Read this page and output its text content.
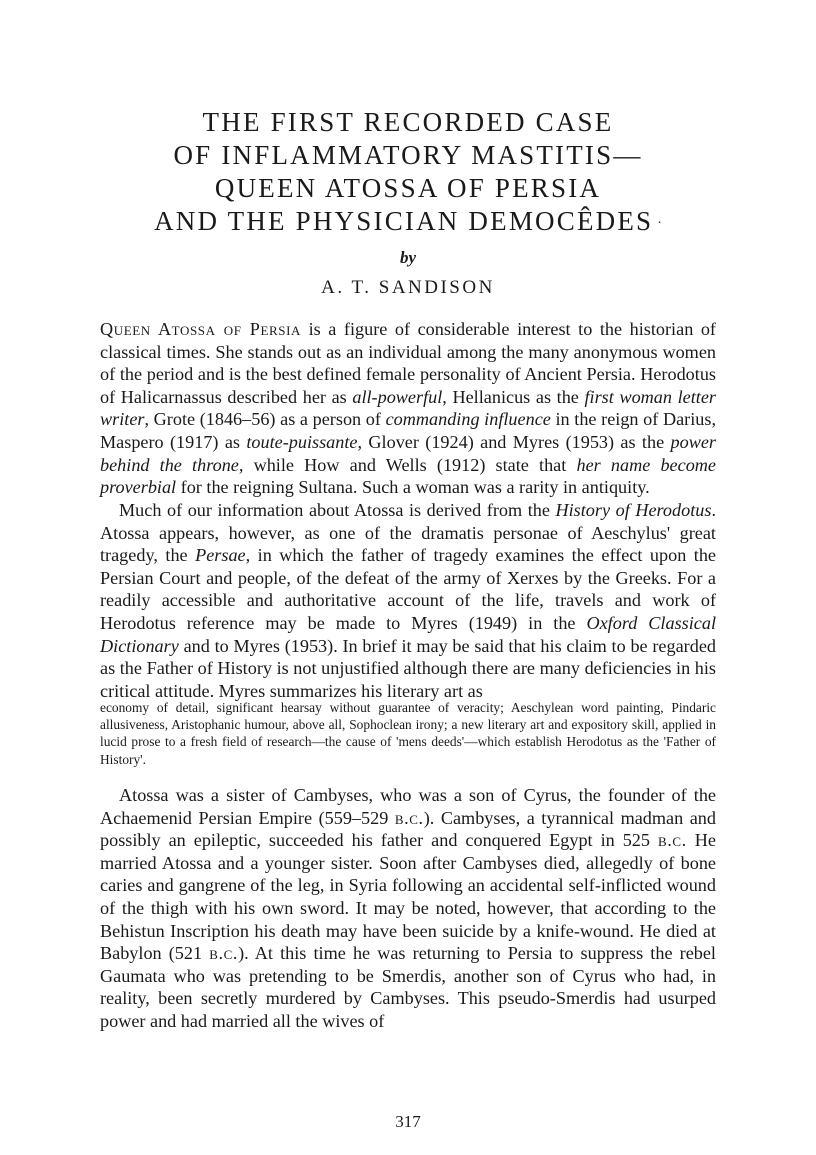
THE FIRST RECORDED CASE
OF INFLAMMATORY MASTITIS—
QUEEN ATOSSA OF PERSIA
AND THE PHYSICIAN DEMOCÊDES ·
by
A. T. SANDISON

Queen Atossa of Persia is a figure of considerable interest to the historian of classical times. She stands out as an individual among the many anonymous women of the period and is the best defined female personality of Ancient Persia. Herodotus of Halicarnassus described her as all-powerful, Hellanicus as the first woman letter writer, Grote (1846–56) as a person of commanding influence in the reign of Darius, Maspero (1917) as toute-puissante, Glover (1924) and Myres (1953) as the power behind the throne, while How and Wells (1912) state that her name become proverbial for the reigning Sultana. Such a woman was a rarity in antiquity.

Much of our information about Atossa is derived from the History of Herodotus. Atossa appears, however, as one of the dramatis personae of Aeschylus' great tragedy, the Persae, in which the father of tragedy examines the effect upon the Persian Court and people, of the defeat of the army of Xerxes by the Greeks. For a readily accessible and authoritative account of the life, travels and work of Herodotus reference may be made to Myres (1949) in the Oxford Classical Dictionary and to Myres (1953). In brief it may be said that his claim to be regarded as the Father of History is not unjustified although there are many deficiencies in his critical attitude. Myres summarizes his literary art as

economy of detail, significant hearsay without guarantee of veracity; Aeschylean word painting, Pindaric allusiveness, Aristophanic humour, above all, Sophoclean irony; a new literary art and expository skill, applied in lucid prose to a fresh field of research—the cause of 'mens deeds'—which establish Herodotus as the 'Father of History'.

Atossa was a sister of Cambyses, who was a son of Cyrus, the founder of the Achaemenid Persian Empire (559–529 b.c.). Cambyses, a tyrannical madman and possibly an epileptic, succeeded his father and conquered Egypt in 525 b.c. He married Atossa and a younger sister. Soon after Cambyses died, allegedly of bone caries and gangrene of the leg, in Syria following an accidental self-inflicted wound of the thigh with his own sword. It may be noted, however, that according to the Behistun Inscription his death may have been suicide by a knife-wound. He died at Babylon (521 b.c.). At this time he was returning to Persia to suppress the rebel Gaumata who was pretending to be Smerdis, another son of Cyrus who had, in reality, been secretly murdered by Cambyses. This pseudo-Smerdis had usurped power and had married all the wives of

317
